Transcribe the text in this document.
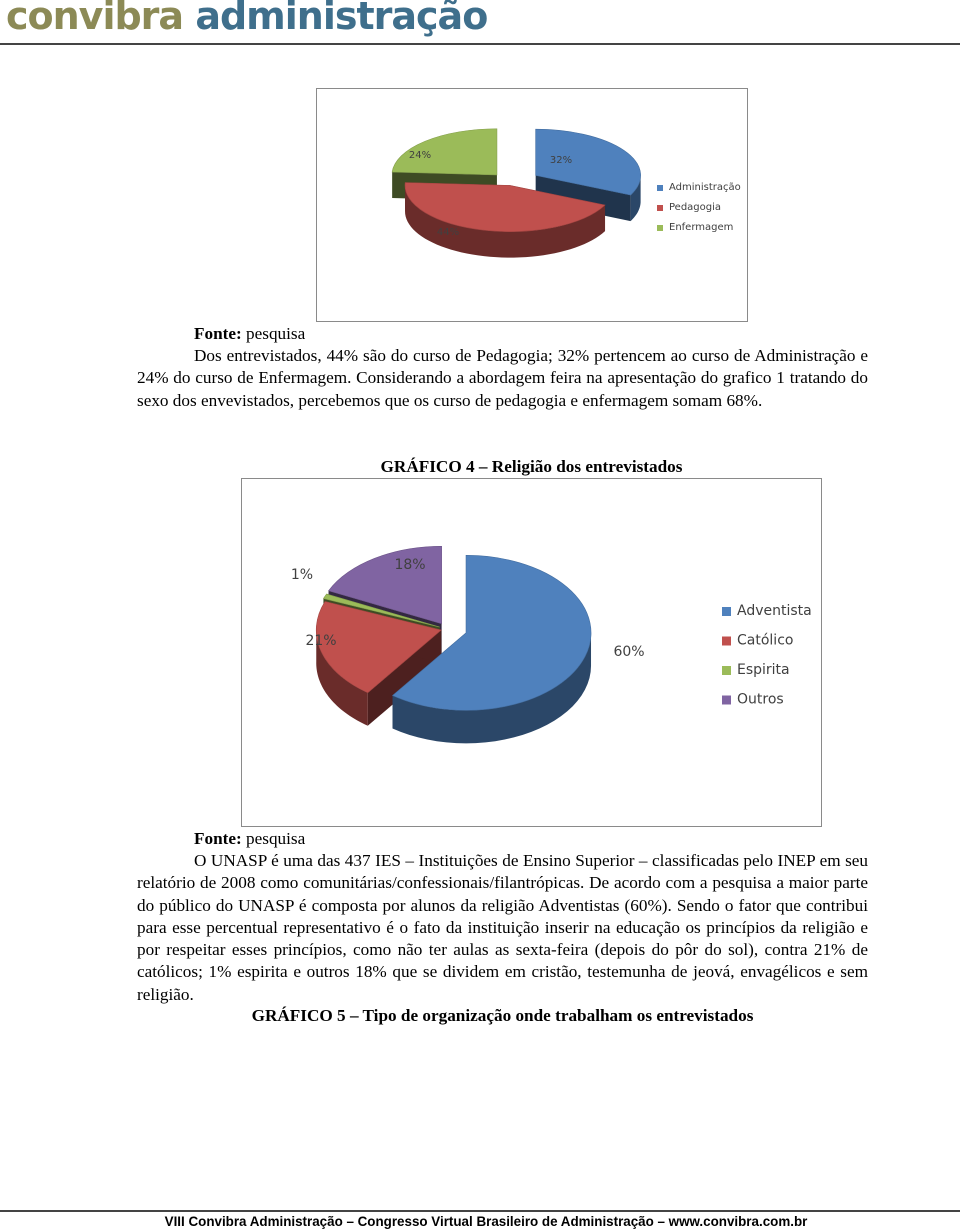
convibra administração
32%
44%
24%
Administração
Pedagogia
Enfermagem
Fonte: pesquisa
Dos entrevistados, 44% são do curso de Pedagogia; 32% pertencem ao curso de Administração e 24% do curso de Enfermagem. Considerando a abordagem feira na apresentação do grafico 1 tratando do sexo dos envevistados, percebemos que os curso de pedagogia e enfermagem somam 68%.
GRÁFICO 4 – Religião dos entrevistados
60%
21%
1%
18%
Adventista
Católico
Espirita
Outros
Fonte: pesquisa
O UNASP é uma das 437 IES – Instituições de Ensino Superior – classificadas pelo INEP em seu relatório de 2008 como comunitárias/confessionais/filantrópicas. De acordo com a pesquisa a maior parte do público do UNASP é composta por alunos da religião Adventistas (60%). Sendo o fator que contribui para esse percentual representativo é o fato da instituição inserir na educação os princípios da religião e por respeitar esses princípios, como não ter aulas as sexta-feira (depois do pôr do sol), contra 21% de católicos; 1% espirita e outros 18% que se dividem em cristão, testemunha de jeová, envagélicos e sem religião.
GRÁFICO 5 – Tipo de organização onde trabalham os entrevistados
VIII Convibra Administração – Congresso Virtual Brasileiro de Administração – www.convibra.com.br
